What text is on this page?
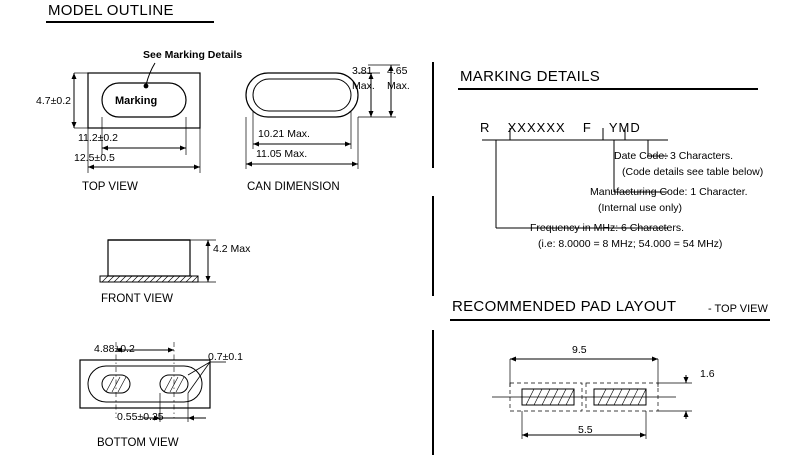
MODEL OUTLINE
See Marking Details
Marking
4.7±0.2
11.2±0.2
12.5±0.5
TOP VIEW
3.81
Max.
4.65
Max.
10.21 Max.
11.05 Max.
CAN DIMENSION
4.2 Max
FRONT VIEW
4.88±0.2
0.7±0.1
0.55±0.25
BOTTOM VIEW
MARKING DETAILS
R XXXXXX F YMD
Date Code: 3 Characters.
(Code details see table below)
Manufacturing Code: 1 Character.
(Internal use only)
Frequency in MHz: 6 Characters.
(i.e: 8.0000 = 8 MHz; 54.000 = 54 MHz)
RECOMMENDED PAD LAYOUT	- TOP VIEW
9.5
1.6
5.5
